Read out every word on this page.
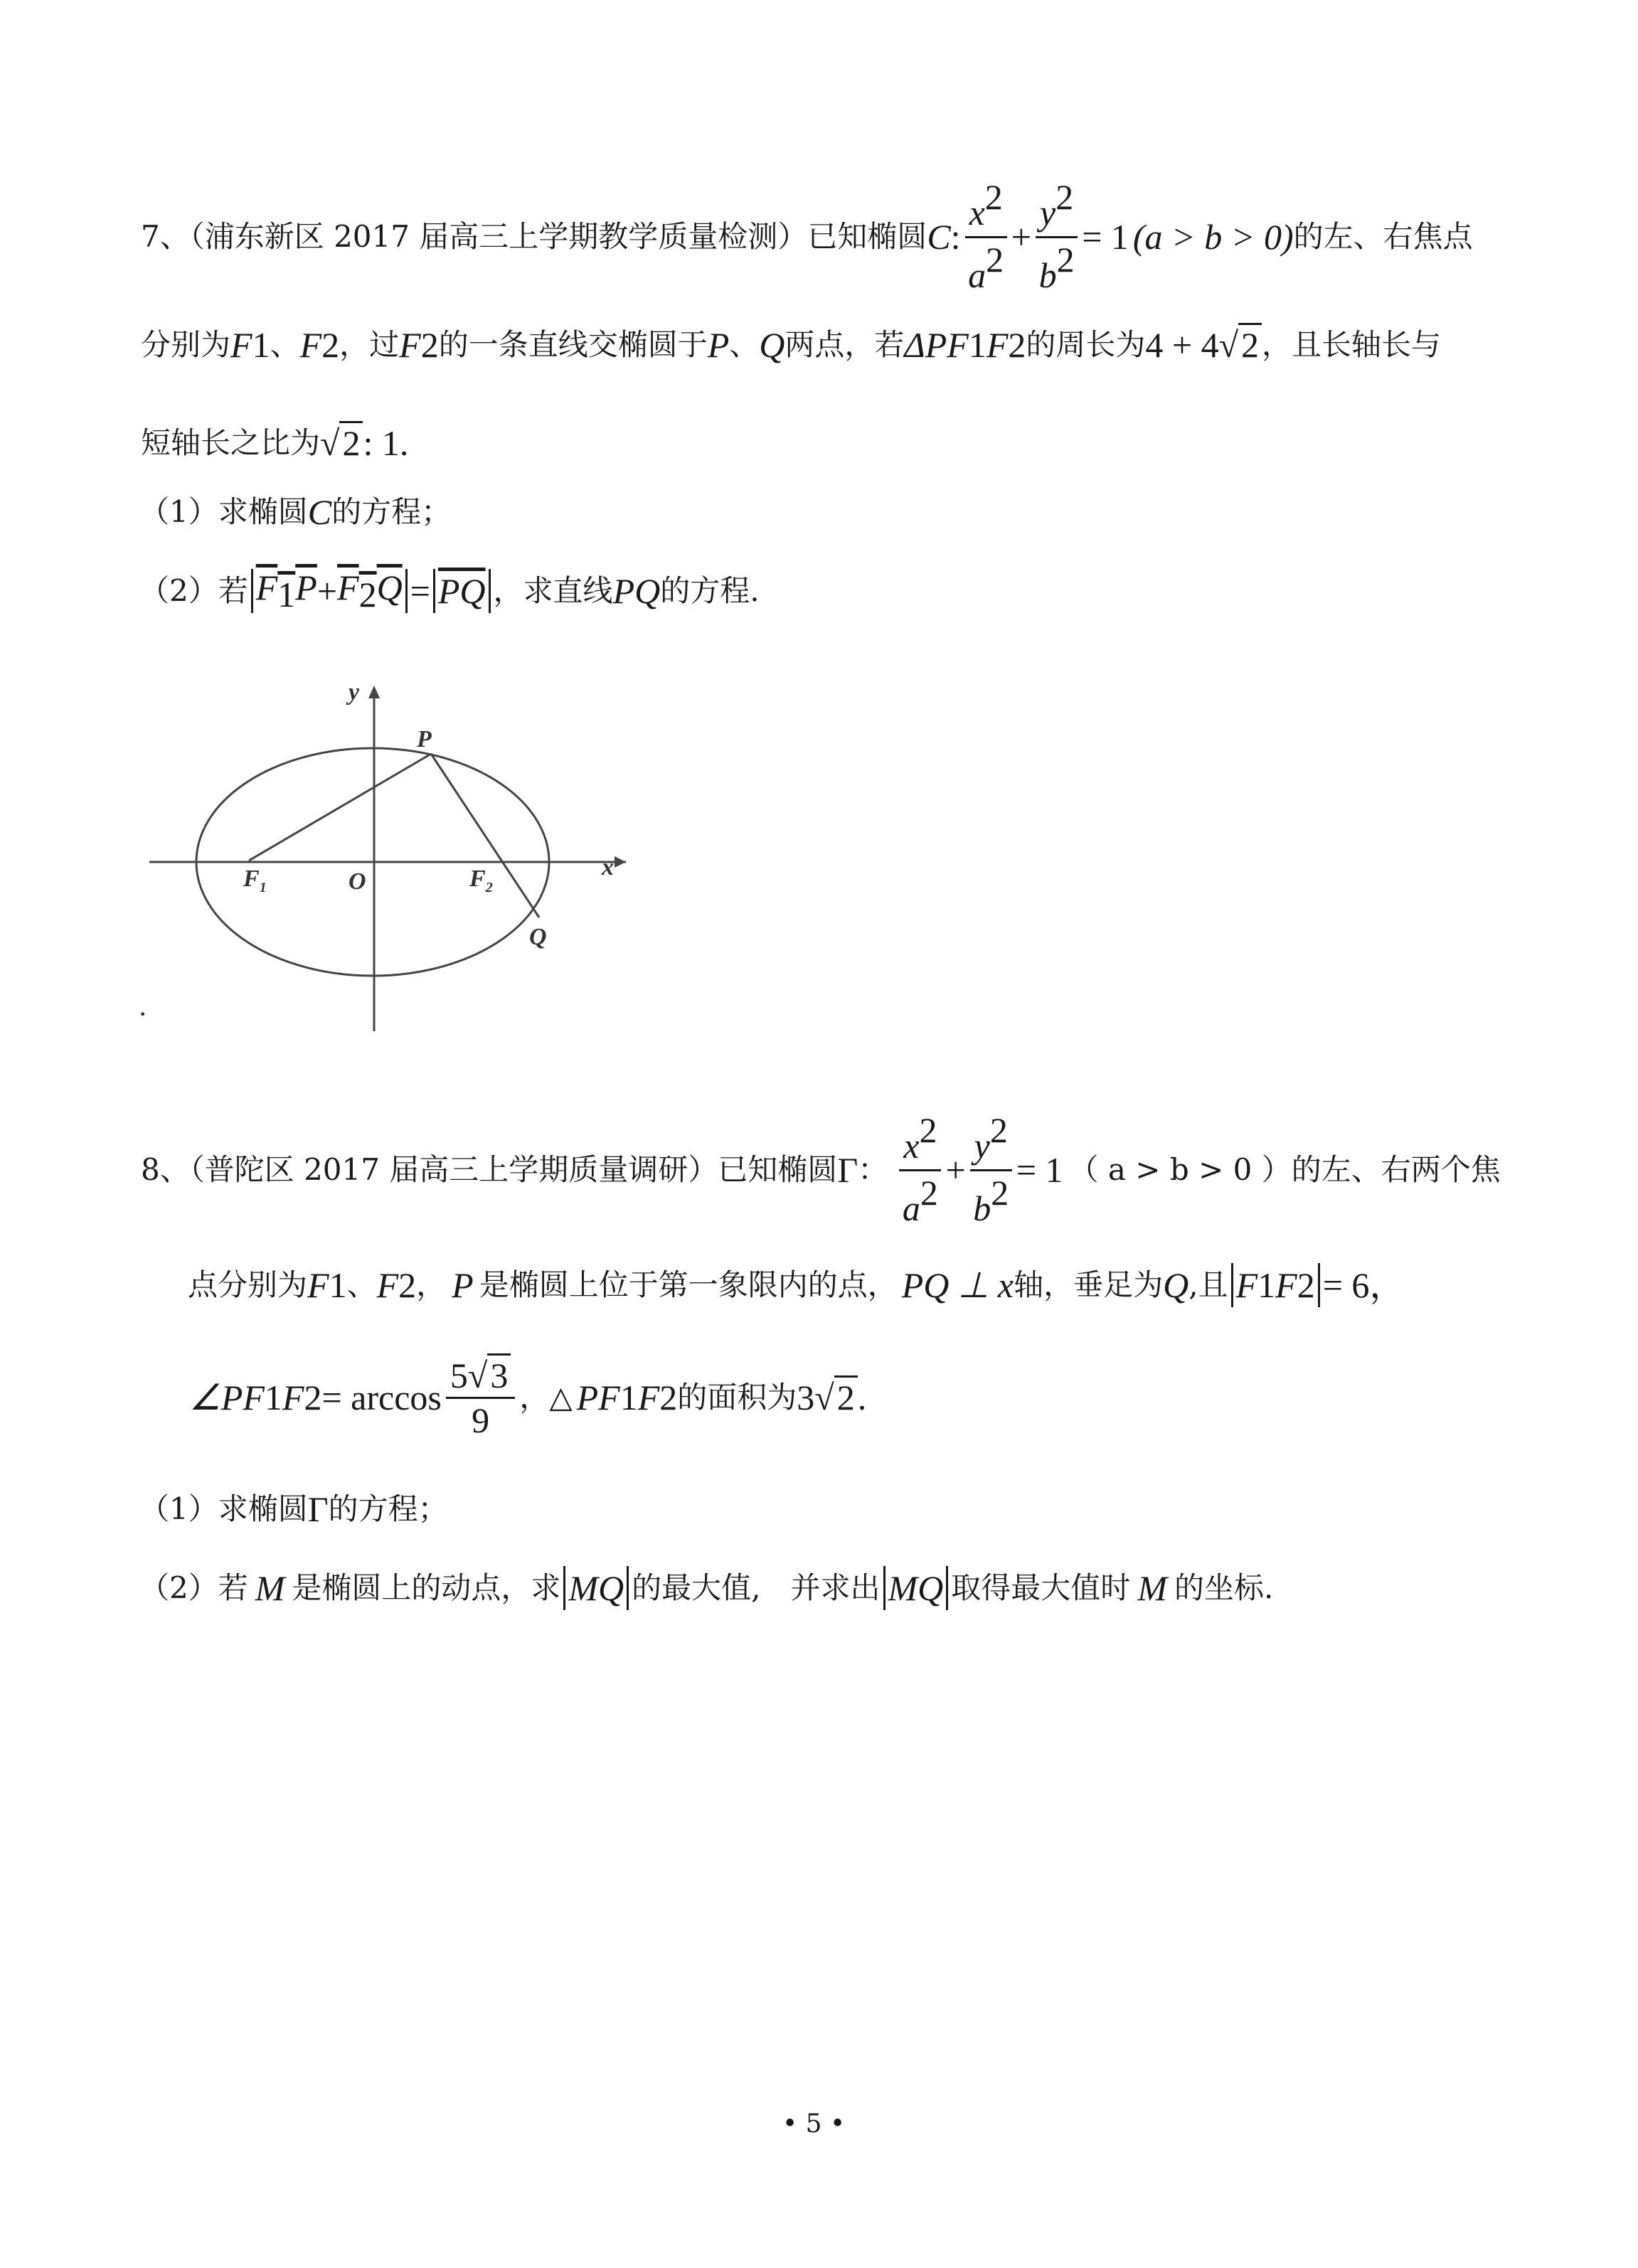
7、（浦东新区 2017 届高三上学期教学质量检测）已知椭圆 C : $\frac{x^2}{a^2} + \frac{y^2}{b^2} = 1$ (a > b > 0) 的左、右焦点
分别为 F 1 、 F 2 ，过 F 2 的一条直线交椭圆于 P 、 Q 两点，若 ΔPF 1 F 2 的周长为 4 + 4 √2 ，且长轴长与
短轴长之比为 √2 : 1.
（1）求椭圆 C 的方程；
（2）若 $F_1P + F_2Q = \overline{PQ}$ ，求直线 PQ 的方程.
y
x
O
P
Q
$F_1$	$F_2$
.
8、（普陀区 2017 届高三上学期质量调研）已知椭圆 Γ ： $\frac{x^2}{a^2} + \frac{y^2}{b^2} = 1$ （ a > b > 0 ） 的左、右两个焦
点分别为 F 1 、 F 2 ， P 是椭圆上位于第一象限内的点， PQ ⊥ x 轴，垂足为 Q ,且 F 1 F 2 = 6，
∠PF 1 F $2 = \arccos \frac{5√3}{9}$ ，△ PF 1 F 2 的面积为 3 √2 .
（1）求椭圆 Γ 的方程；
（2）若 M 是椭圆上的动点，求 MQ 的最大值,　并求出 MQ 取得最大值时 M 的坐标.
• 5 •
